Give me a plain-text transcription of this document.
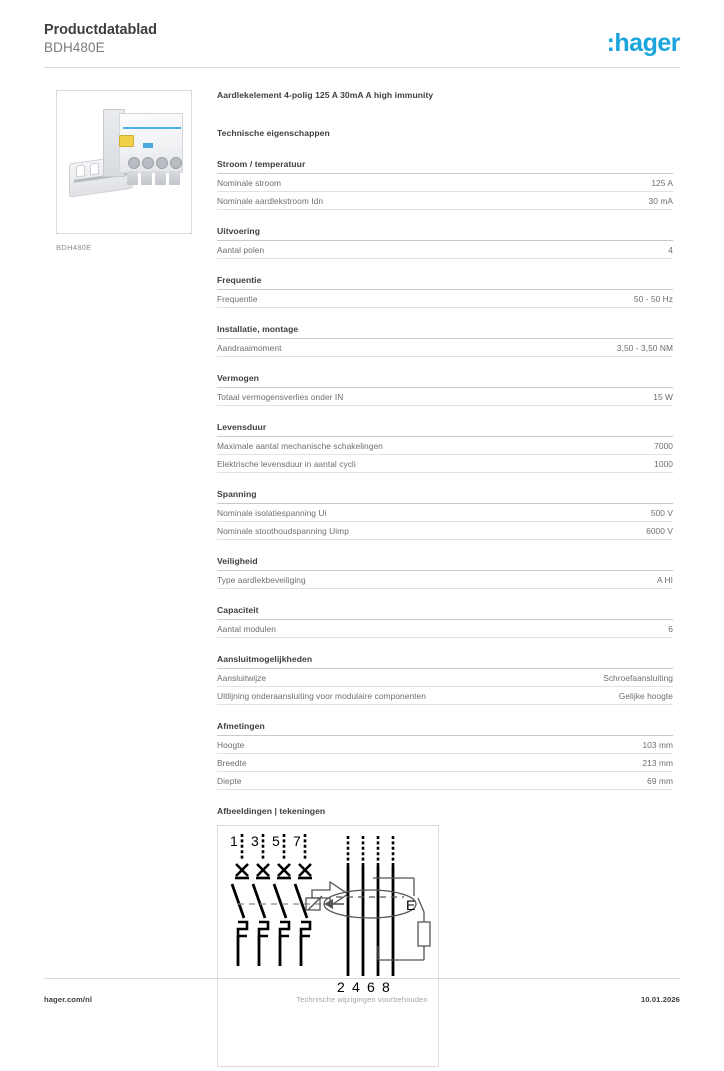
Productdatablad
BDH480E	:hager
BDH480E
Aardlekelement 4-polig 125 A 30mA A high immunity
Technische eigenschappen
Stroom / temperatuur
Nominale stroom	125 A
Nominale aardlekstroom Idn	30 mA
Uitvoering
Aantal polen	4
Frequentie
Frequentie	50 - 50 Hz
Installatie, montage
Aandraaimoment	3,50 - 3,50 NM
Vermogen
Totaal vermogensverlies onder IN	15 W
Levensduur
Maximale aantal mechanische schakelingen	7000
Elektrische levensduur in aantal cycli	1000
Spanning
Nominale isolatiespanning Ui	500 V
Nominale stoothoudspanning Uimp	6000 V
Veiligheid
Type aardlekbeveiliging	A HI
Capaciteit
Aantal modulen	6
Aansluitmogelijkheden
Aansluitwijze	Schroefaansluiting
Uitlijning onderaansluiting voor modulaire componenten	Gelijke hoogte
Afmetingen
Hoogte	103 mm
Breedte	213 mm
Diepte	69 mm
Afbeeldingen | tekeningen
1 3 5 7
E
2 4 6 8
Technische wijzigingen voorbehouden
hager.com/nl	10.01.2026
